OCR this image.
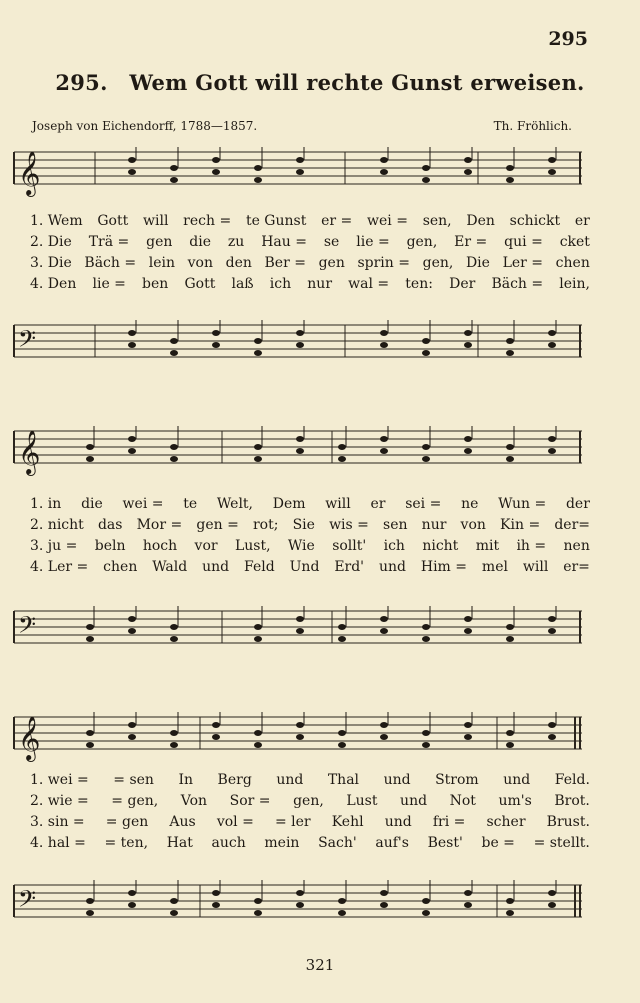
295
295. Wem Gott will rechte Gunst erweisen.
Joseph von Eichendorff, 1788—1857.	Th. Fröhlich.
𝄞
1. Wem Gott will rech = te Gunst er = wei = sen, Den schickt er
2. Die Trä = gen die zu Hau = se lie = gen, Er = qui = cket
3. Die Bäch = lein von den Ber = gen sprin = gen, Die Ler = chen
4. Den lie = ben Gott laß ich nur wal = ten: Der Bäch = lein,
𝄢
𝄞
1. in die wei = te Welt, Dem will er sei = ne Wun = der
2. nicht das Mor = gen = rot; Sie wis = sen nur von Kin = der=
3. ju = beln hoch vor Lust, Wie sollt' ich nicht mit ih = nen
4. Ler = chen Wald und Feld Und Erd' und Him = mel will er=
𝄢
𝄞
1. wei = = sen In Berg und Thal und Strom und Feld.
2. wie = = gen, Von Sor = gen, Lust und Not um's Brot.
3. sin = = gen Aus vol = = ler Kehl und fri = scher Brust.
4. hal = = ten, Hat auch mein Sach' auf's Best' be = = stellt.
𝄢
321
